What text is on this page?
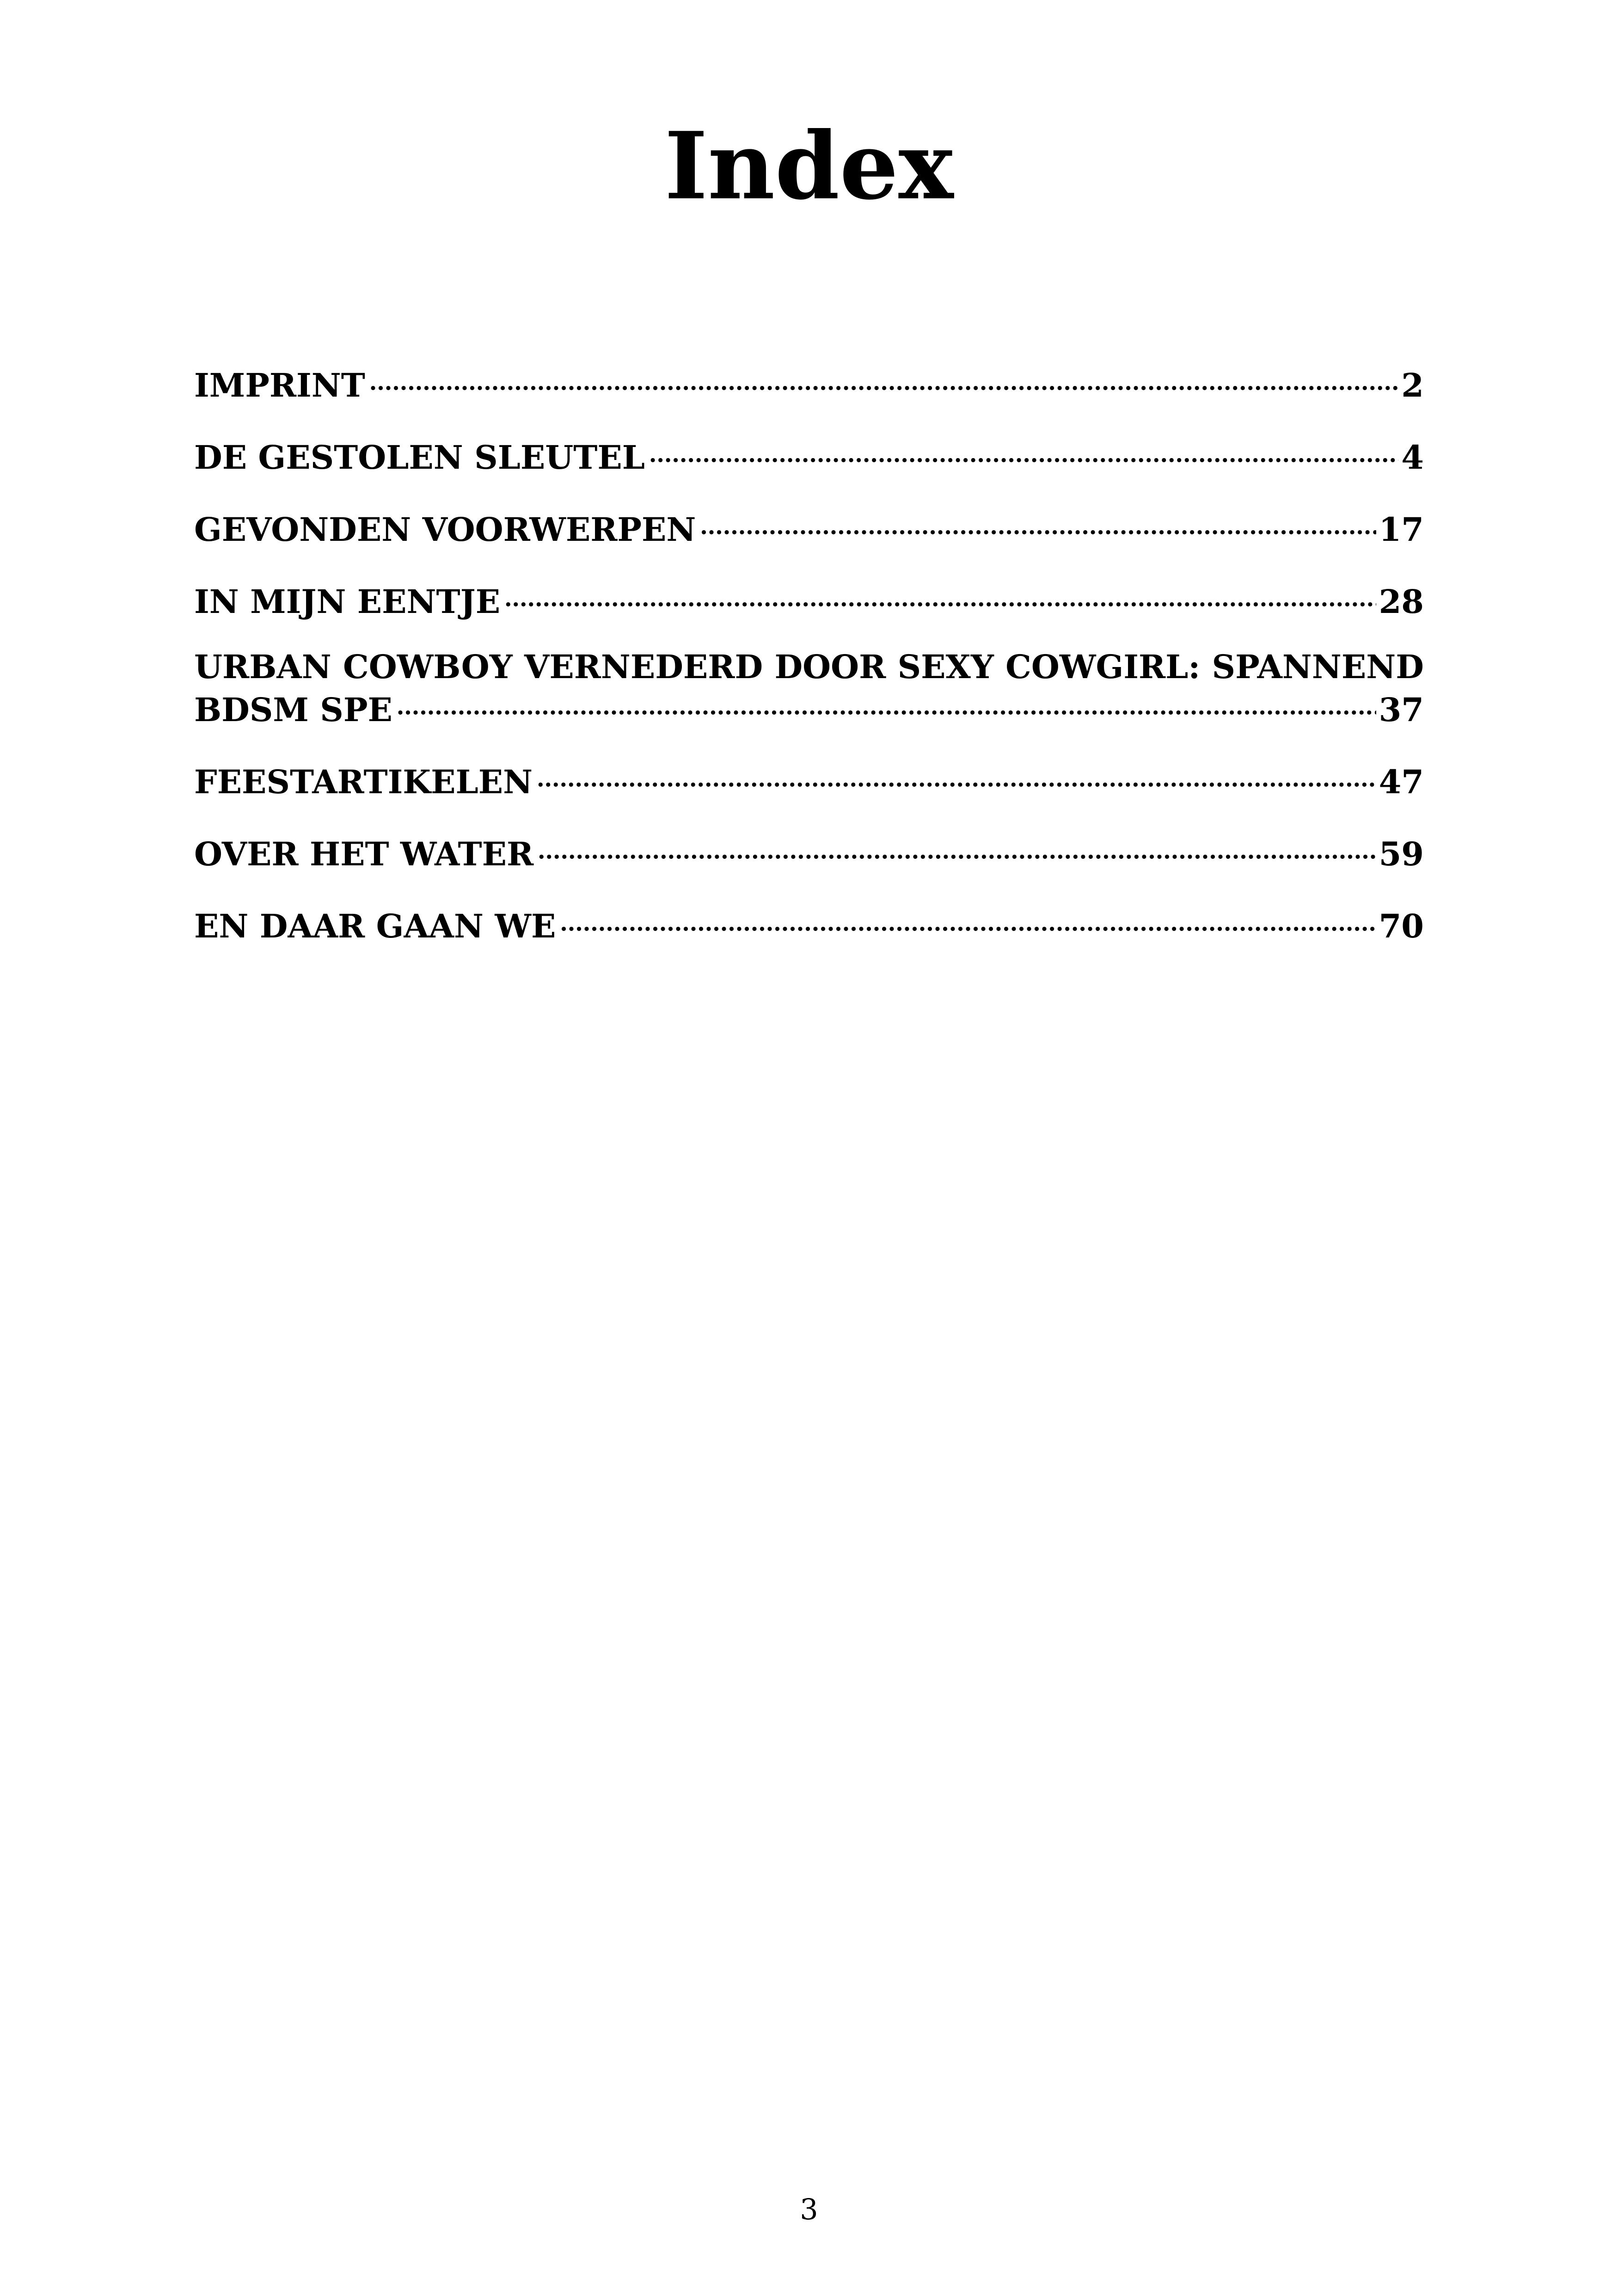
Index
IMPRINT . . .	2
DE GESTOLEN SLEUTEL . . .	4
GEVONDEN VOORWERPEN . . .	17
IN MIJN EENTJE . . .	28
URBAN COWBOY VERNEDERD DOOR SEXY COWGIRL: SPANNEND
BDSM SPE . . .	37
FEESTARTIKELEN . . .	47
OVER HET WATER . . .	59
EN DAAR GAAN WE . . .	70
3
